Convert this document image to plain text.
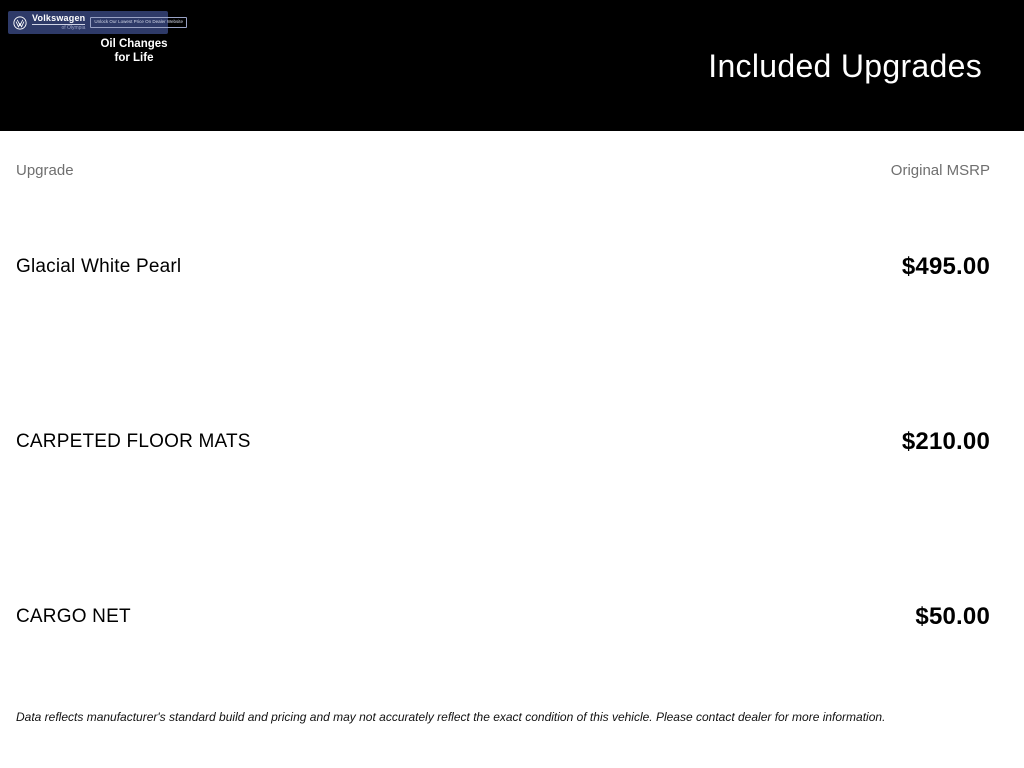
Volkswagen
of Olympia
Unlock Our Lowest Price On Dealer Website
Oil Changes
for Life	Included Upgrades
Upgrade	Original MSRP
Glacial White Pearl	$495.00
CARPETED FLOOR MATS	$210.00
CARGO NET	$50.00
Data reflects manufacturer's standard build and pricing and may not accurately reflect the exact condition of this vehicle. Please contact dealer for more information.
